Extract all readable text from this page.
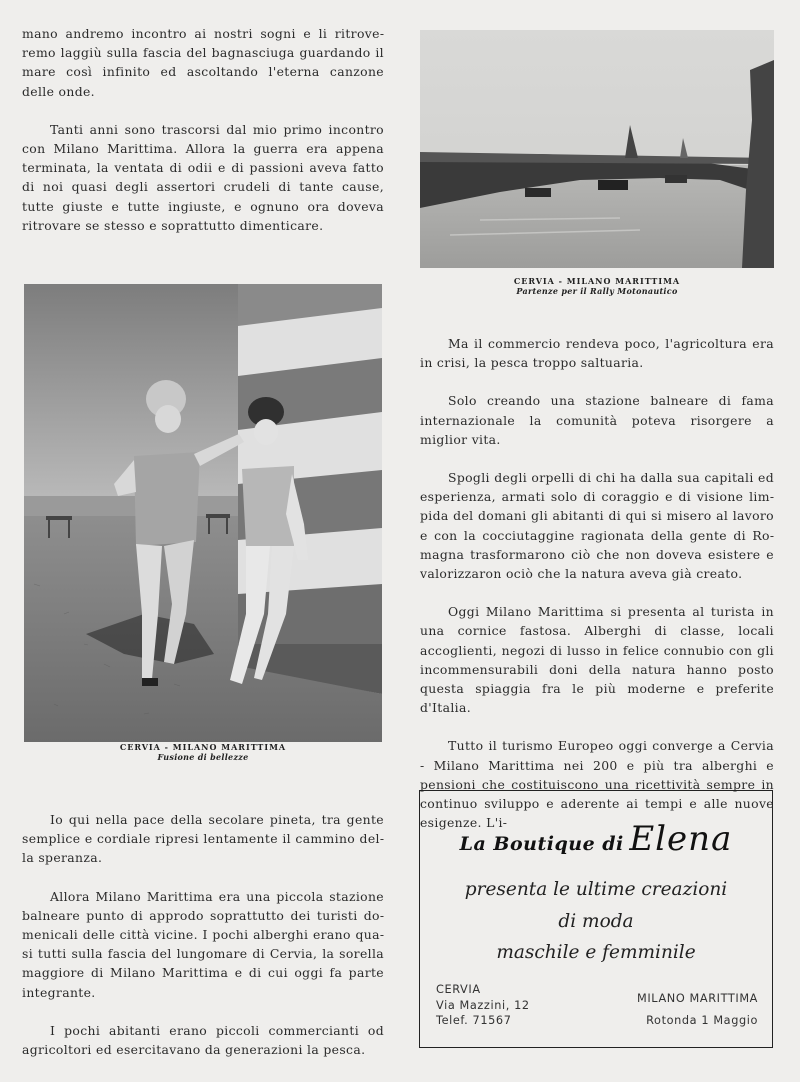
mano andremo incontro ai nostri sogni e li ritroveremo laggiù sulla fascia del bagnasciuga guardando il mare così infinito ed ascoltando l'eterna canzone delle onde.

Tanti anni sono trascorsi dal mio primo incontro con Milano Marittima. Allora la guerra era appena terminata, la ventata di odii e di passioni aveva fatto di noi quasi degli assertori crudeli di tante cause, tutte giuste e tutte ingiuste, e ognuno ora doveva ritrovare se stesso e soprattutto dimenticare.

CERVIA - MILANO MARITTIMA
Partenze per il Rally Motonautico
CERVIA - MILANO MARITTIMA
Fusione di bellezze

Ma il commercio rendeva poco, l'agricoltura era in crisi, la pesca troppo saltuaria.

Solo creando una stazione balneare di fama internazionale la comunità poteva risorgere a miglior vita.

Spogli degli orpelli di chi ha dalla sua capitali ed esperienza, armati solo di coraggio e di visione limpida del domani gli abitanti di qui si misero al lavoro e con la cocciutaggine ragionata della gente di Romagna trasformarono ciò che non doveva esistere e valorizzaron ociò che la natura aveva già creato.

Oggi Milano Marittima si presenta al turista in una cornice fastosa. Alberghi di classe, locali accoglienti, negozi di lusso in felice connubio con gli incommensurabili doni della natura hanno posto questa spiaggia fra le più moderne e preferite d'Italia.

Tutto il turismo Europeo oggi converge a Cervia - Milano Marittima nei 200 e più tra alberghi e pensioni che costituiscono una ricettività sempre in continuo sviluppo e aderente ai tempi e alle nuove esigenze. L'i-

Io qui nella pace della secolare pineta, tra gente semplice e cordiale ripresi lentamente il cammino della speranza.

Allora Milano Marittima era una piccola stazione balneare punto di approdo soprattutto dei turisti domenicali delle città vicine. I pochi alberghi erano quasi tutti sulla fascia del lungomare di Cervia, la sorella maggiore di Milano Marittima e di cui oggi fa parte integrante.

I pochi abitanti erano piccoli commercianti od agricoltori ed esercitavano da generazioni la pesca.

La Boutique di Elena
presenta le ultime creazioni
di moda
maschile e femminile
CERVIA
Via Mazzini, 12
Telef. 71567
MILANO MARITTIMA
Rotonda 1 Maggio
